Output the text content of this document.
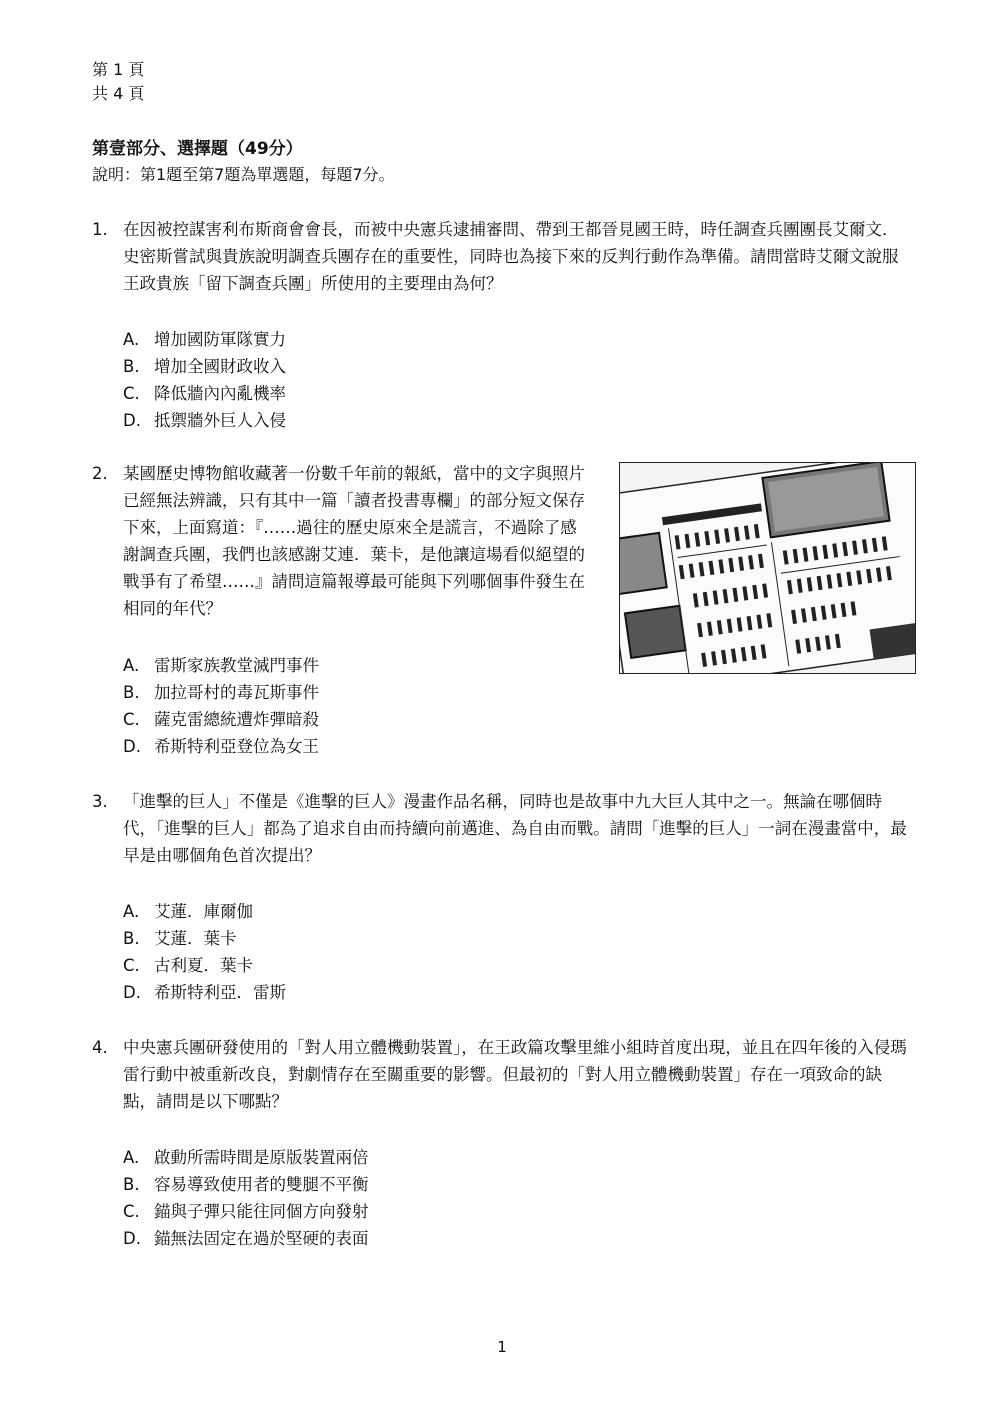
第 1 頁
共 4 頁
第壹部分、選擇題（49分）
說明：第1題至第7題為單選題，每題7分。
1. 在因被控謀害利布斯商會會長，而被中央憲兵逮捕審問、帶到王都晉見國王時，時任調查兵團團長艾爾文．史密斯嘗試與貴族說明調查兵團存在的重要性，同時也為接下來的反判行動作為準備。請問當時艾爾文說服王政貴族「留下調查兵團」所使用的主要理由為何？
A. 增加國防軍隊實力
B. 增加全國財政收入
C. 降低牆內內亂機率
D. 抵禦牆外巨人入侵
2. 某國歷史博物館收藏著一份數千年前的報紙，當中的文字與照片已經無法辨識，只有其中一篇「讀者投書專欄」的部分短文保存下來，上面寫道：『……過往的歷史原來全是謊言，不過除了感謝調查兵團，我們也該感謝艾連．葉卡，是他讓這場看似絕望的戰爭有了希望……』請問這篇報導最可能與下列哪個事件發生在相同的年代？
A. 雷斯家族教堂滅門事件
B. 加拉哥村的毒瓦斯事件
C. 薩克雷總統遭炸彈暗殺
D. 希斯特利亞登位為女王
3. 「進擊的巨人」不僅是《進擊的巨人》漫畫作品名稱，同時也是故事中九大巨人其中之一。無論在哪個時代，「進擊的巨人」都為了追求自由而持續向前邁進、為自由而戰。請問「進擊的巨人」一詞在漫畫當中，最早是由哪個角色首次提出？
A. 艾蓮．庫爾伽
B. 艾蓮．葉卡
C. 古利夏．葉卡
D. 希斯特利亞．雷斯
4. 中央憲兵團研發使用的「對人用立體機動裝置」，在王政篇攻擊里維小組時首度出現，並且在四年後的入侵瑪雷行動中被重新改良，對劇情存在至關重要的影響。但最初的「對人用立體機動裝置」存在一項致命的缺點，請問是以下哪點？
A. 啟動所需時間是原版裝置兩倍
B. 容易導致使用者的雙腿不平衡
C. 錨與子彈只能往同個方向發射
D. 錨無法固定在過於堅硬的表面
1
